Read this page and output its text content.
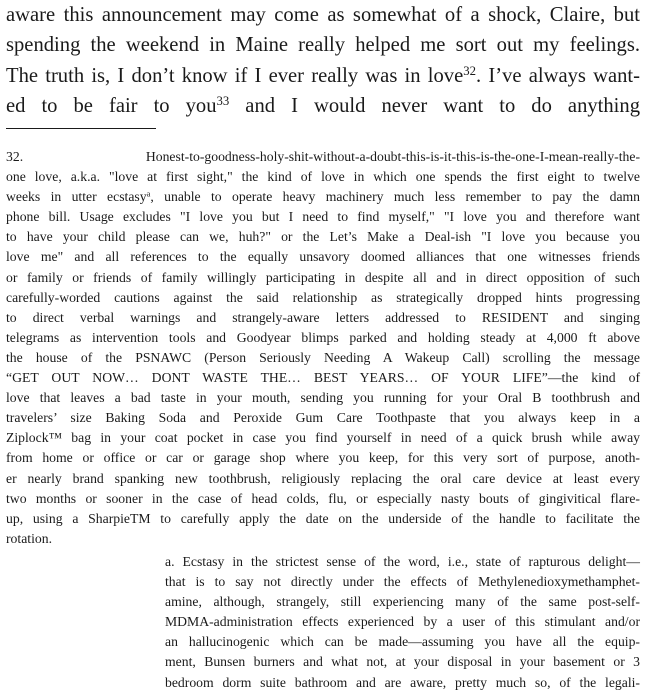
aware this announcement may come as somewhat of a shock, Claire, but
spending the weekend in Maine really helped me sort out my feelings.
The truth is, I don’t know if I ever really was in love$^{32}$. I’ve always want-
ed to be fair to you$^{33}$ and I would never want to do anything
32. Honest-to-goodness-holy-shit-without-a-doubt-this-is-it-this-is-the-one-I-mean-really-the-
one love, a.k.a. "love at first sight," the kind of love in which one spends the first eight to twelve
weeks in utter ecstasy$^a$, unable to operate heavy machinery much less remember to pay the damn
phone bill. Usage excludes "I love you but I need to find myself," "I love you and therefore want
to have your child please can we, huh?" or the Let’s Make a Deal-ish "I love you because you
love me" and all references to the equally unsavory doomed alliances that one witnesses friends
or family or friends of family willingly participating in despite all and in direct opposition of such
carefully-worded cautions against the said relationship as strategically dropped hints progressing
to direct verbal warnings and strangely-aware letters addressed to RESIDENT and singing
telegrams as intervention tools and Goodyear blimps parked and holding steady at 4,000 ft above
the house of the PSNAWC (Person Seriously Needing A Wakeup Call) scrolling the message
“GET OUT NOW… DONT WASTE THE… BEST YEARS… OF YOUR LIFE”—the kind of
love that leaves a bad taste in your mouth, sending you running for your Oral B toothbrush and
travelers’ size Baking Soda and Peroxide Gum Care Toothpaste that you always keep in a
Ziplock™ bag in your coat pocket in case you find yourself in need of a quick brush while away
from home or office or car or garage shop where you keep, for this very sort of purpose, anoth-
er nearly brand spanking new toothbrush, religiously replacing the oral care device at least every
two months or sooner in the case of head colds, flu, or especially nasty bouts of gingivitical flare-
up, using a SharpieTM to carefully apply the date on the underside of the handle to facilitate the
rotation.
a. Ecstasy in the strictest sense of the word, i.e., state of rapturous delight—
that is to say not directly under the effects of Methylenedioxymethamphet-
amine, although, strangely, still experiencing many of the same post-self-
MDMA-administration effects experienced by a user of this stimulant and/or
an hallucinogenic which can be made—assuming you have all the equip-
ment, Bunsen burners and what not, at your disposal in your basement or 3
bedroom dorm suite bathroom and are aware, pretty much so, of the legali-
